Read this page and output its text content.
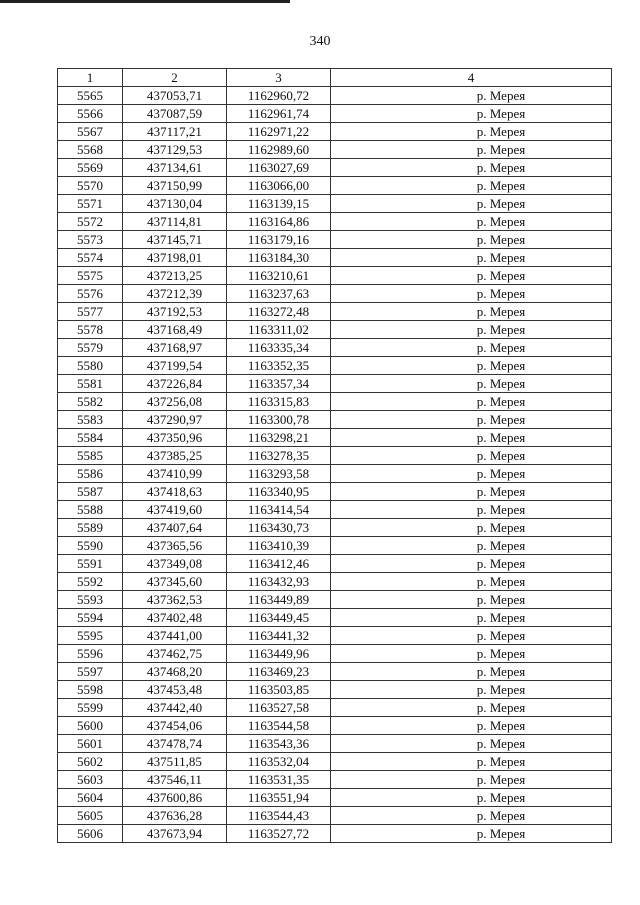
340
1	2	3	4
5565	437053,71	1162960,72	р. Мерея
5566	437087,59	1162961,74	р. Мерея
5567	437117,21	1162971,22	р. Мерея
5568	437129,53	1162989,60	р. Мерея
5569	437134,61	1163027,69	р. Мерея
5570	437150,99	1163066,00	р. Мерея
5571	437130,04	1163139,15	р. Мерея
5572	437114,81	1163164,86	р. Мерея
5573	437145,71	1163179,16	р. Мерея
5574	437198,01	1163184,30	р. Мерея
5575	437213,25	1163210,61	р. Мерея
5576	437212,39	1163237,63	р. Мерея
5577	437192,53	1163272,48	р. Мерея
5578	437168,49	1163311,02	р. Мерея
5579	437168,97	1163335,34	р. Мерея
5580	437199,54	1163352,35	р. Мерея
5581	437226,84	1163357,34	р. Мерея
5582	437256,08	1163315,83	р. Мерея
5583	437290,97	1163300,78	р. Мерея
5584	437350,96	1163298,21	р. Мерея
5585	437385,25	1163278,35	р. Мерея
5586	437410,99	1163293,58	р. Мерея
5587	437418,63	1163340,95	р. Мерея
5588	437419,60	1163414,54	р. Мерея
5589	437407,64	1163430,73	р. Мерея
5590	437365,56	1163410,39	р. Мерея
5591	437349,08	1163412,46	р. Мерея
5592	437345,60	1163432,93	р. Мерея
5593	437362,53	1163449,89	р. Мерея
5594	437402,48	1163449,45	р. Мерея
5595	437441,00	1163441,32	р. Мерея
5596	437462,75	1163449,96	р. Мерея
5597	437468,20	1163469,23	р. Мерея
5598	437453,48	1163503,85	р. Мерея
5599	437442,40	1163527,58	р. Мерея
5600	437454,06	1163544,58	р. Мерея
5601	437478,74	1163543,36	р. Мерея
5602	437511,85	1163532,04	р. Мерея
5603	437546,11	1163531,35	р. Мерея
5604	437600,86	1163551,94	р. Мерея
5605	437636,28	1163544,43	р. Мерея
5606	437673,94	1163527,72	р. Мерея
